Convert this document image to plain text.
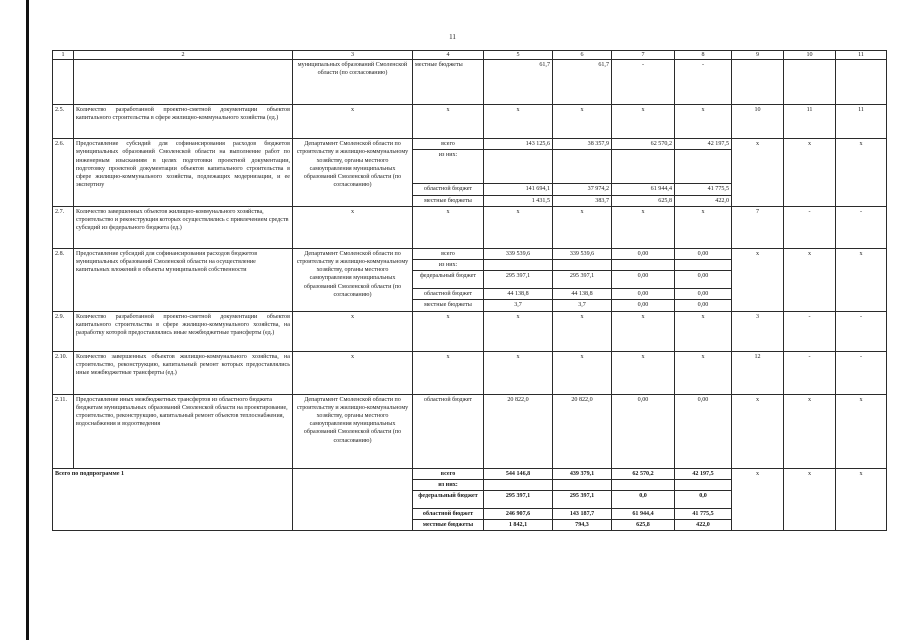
11
1	2	3	4	5	6	7	8	9	10	11
		муниципальных образований Смоленской области (по согласованию)	местные бюджеты	61,7	61,7	-	-			
2.5.	Количество разработанной проектно-сметной документации объектов капитального строительства в сфере жилищно-коммунального хозяйства (ед.)	x	x	x	x	x	x	10	11	11
2.6.	Предоставление субсидий для софинансирования расходов бюджетов муниципальных образований Смоленской области на выполнение работ по инженерным изысканиям в целях подготовки проектной документации, подготовку проектной документации объектов капитального строительства в сфере жилищно-коммунального хозяйства, подлежащих модернизации, и ее экспертизу	Департамент Смоленской области по строительству и жилищно-коммунальному хозяйству, органы местного самоуправления муниципальных образований Смоленской области (по согласованию)	всего	143 125,6	38 357,9	62 570,2	42 197,5	x	x	x
			из них:							
			областной бюджет	141 694,1	37 974,2	61 944,4	41 775,5			
			местные бюджеты	1 431,5	383,7	625,8	422,0			
2.7.	Количество завершенных объектов жилищно-коммунального хозяйства, строительство и реконструкция которых осуществлялись с привлечением средств субсидий из федерального бюджета (ед.)	x	x	x	x	x	x	7	-	-
2.8.	Предоставление субсидий для софинансирования расходов бюджетов муниципальных образований Смоленской области на осуществление капитальных вложений в объекты муниципальной собственности	Департамент Смоленской области по строительству и жилищно-коммунальному хозяйству, органы местного самоуправления муниципальных образований Смоленской области (по согласованию)	всего	339 539,6	339 539,6	0,00	0,00	x	x	x
			из них:							
			федеральный бюджет	295 397,1	295 397,1	0,00	0,00			
			областной бюджет	44 138,8	44 138,8	0,00	0,00			
			местные бюджеты	3,7	3,7	0,00	0,00			
2.9.	Количество разработанной проектно-сметной документации объектов капитального строительства в сфере жилищно-коммунального хозяйства, на разработку которой предоставлялись иные межбюджетные трансферты (ед.)	x	x	x	x	x	x	3	-	-
2.10.	Количество завершенных объектов жилищно-коммунального хозяйства, на строительство, реконструкцию, капитальный ремонт которых предоставлялись иные межбюджетные трансферты (ед.)	x	x	x	x	x	x	12	-	-
2.11.	Предоставление иных межбюджетных трансфертов из областного бюджета бюджетам муниципальных образований Смоленской области на проектирование, строительство, реконструкцию, капитальный ремонт объектов теплоснабжения, водоснабжения и водоотведения	Департамент Смоленской области по строительству и жилищно-коммунальному хозяйству, органы местного самоуправления муниципальных образований Смоленской области (по согласованию)	областной бюджет	20 822,0	20 822,0	0,00	0,00	x	x	x
Всего по подпрограмме 1			всего	544 146,8	439 379,1	62 570,2	42 197,5	x	x	x
			из них:							
			федеральный бюджет	295 397,1	295 397,1	0,0	0,0			
			областной бюджет	246 907,6	143 187,7	61 944,4	41 775,5			
			местные бюджеты	1 842,1	794,3	625,8	422,0			
